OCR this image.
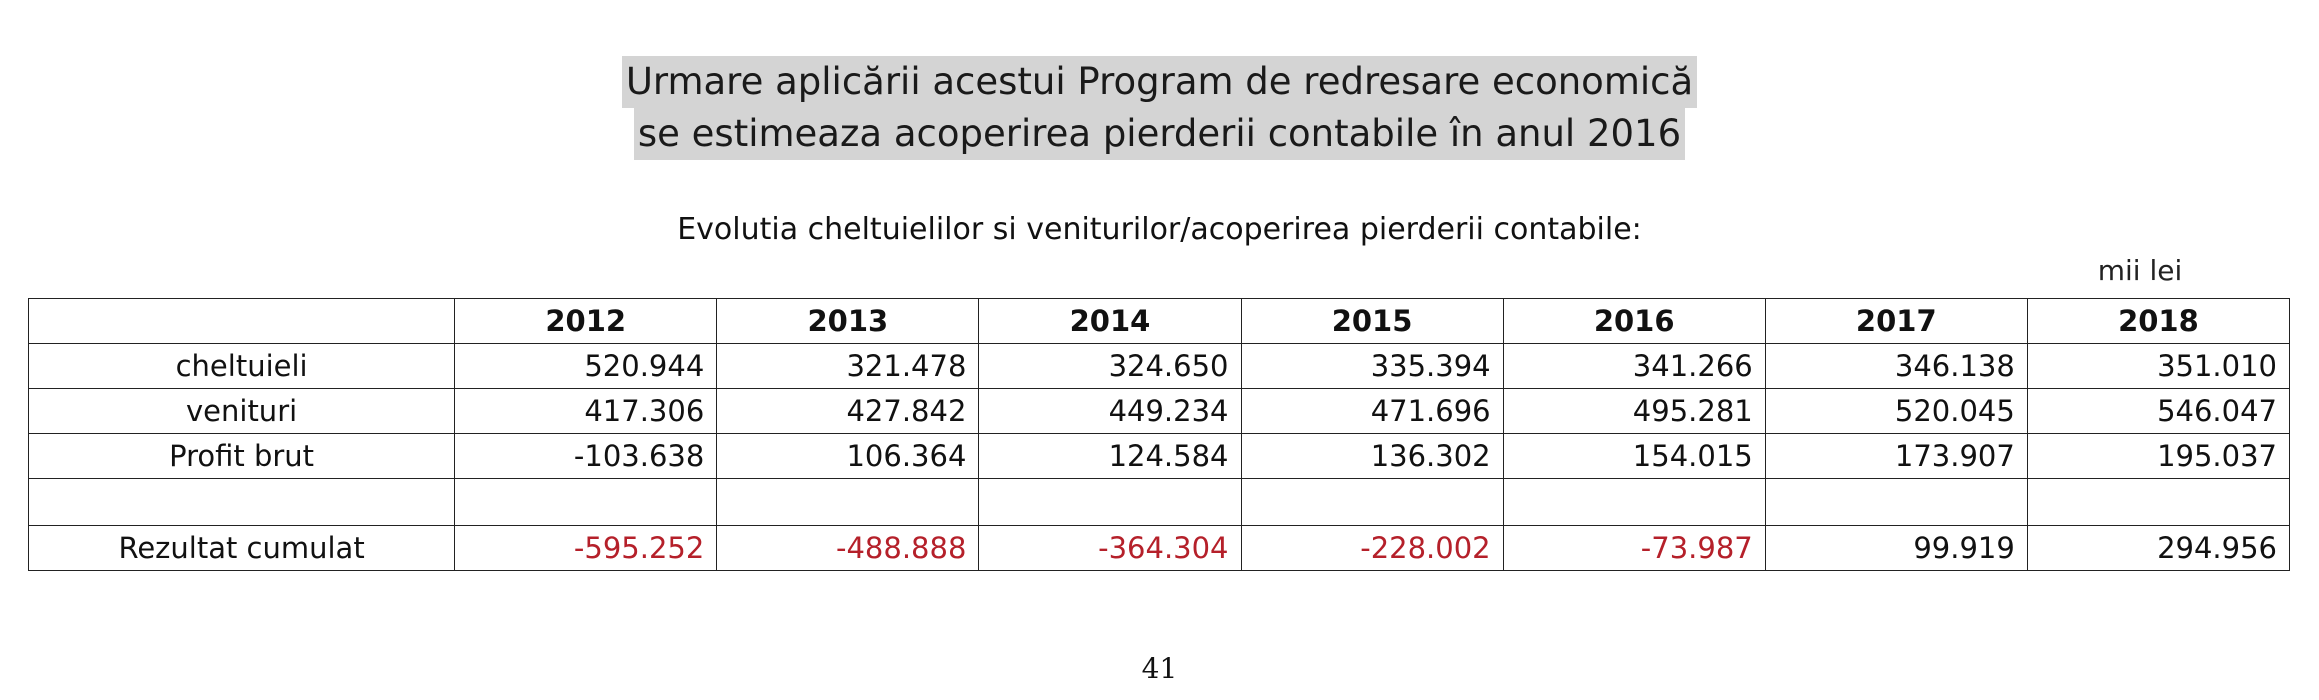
Urmare aplicării acestui Program de redresare economică
se estimeaza acoperirea pierderii contabile în anul 2016
Evolutia cheltuielilor si veniturilor/acoperirea pierderii contabile:
mii lei
	2012	2013	2014	2015	2016	2017	2018
cheltuieli	520.944	321.478	324.650	335.394	341.266	346.138	351.010
venituri	417.306	427.842	449.234	471.696	495.281	520.045	546.047
Profit brut	-103.638	106.364	124.584	136.302	154.015	173.907	195.037

Rezultat cumulat	-595.252	-488.888	-364.304	-228.002	-73.987	99.919	294.956
41
